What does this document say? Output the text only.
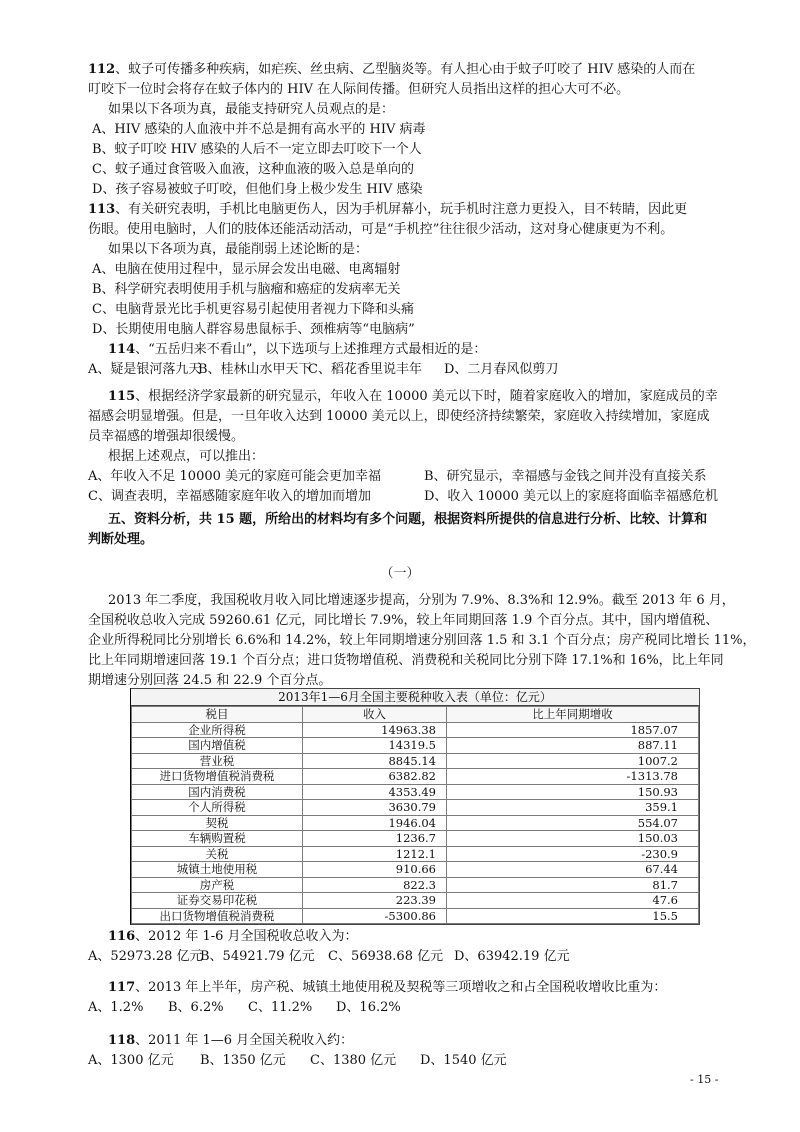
112、蚊子可传播多种疾病，如疟疾、丝虫病、乙型脑炎等。有人担心由于蚊子叮咬了 HIV 感染的人而在
叮咬下一位时会将存在蚊子体内的 HIV 在人际间传播。但研究人员指出这样的担心大可不必。
如果以下各项为真，最能支持研究人员观点的是：
A、HIV 感染的人血液中并不总是拥有高水平的 HIV 病毒
B、蚊子叮咬 HIV 感染的人后不一定立即去叮咬下一个人
C、蚊子通过食管吸入血液，这种血液的吸入总是单向的
D、孩子容易被蚊子叮咬，但他们身上极少发生 HIV 感染
113、有关研究表明，手机比电脑更伤人，因为手机屏幕小，玩手机时注意力更投入，目不转睛，因此更
伤眼。使用电脑时，人们的肢体还能活动活动，可是“手机控”往往很少活动，这对身心健康更为不利。
如果以下各项为真，最能削弱上述论断的是：
A、电脑在使用过程中，显示屏会发出电磁、电离辐射
B、科学研究表明使用手机与脑瘤和癌症的发病率无关
C、电脑背景光比手机更容易引起使用者视力下降和头痛
D、长期使用电脑人群容易患鼠标手、颈椎病等“电脑病”
114、“五岳归来不看山”，以下选项与上述推理方式最相近的是：
A、疑是银河落九天B、桂林山水甲天下C、稻花香里说丰年 D、二月春风似剪刀
115、根据经济学家最新的研究显示，年收入在 10000 美元以下时，随着家庭收入的增加，家庭成员的幸
福感会明显增强。但是，一旦年收入达到 10000 美元以上，即使经济持续繁荣，家庭收入持续增加，家庭成
员幸福感的增强却很缓慢。
根据上述观点，可以推出：
A、年收入不足 10000 美元的家庭可能会更加幸福	B、研究显示，幸福感与金钱之间并没有直接关系
C、调查表明，幸福感随家庭年收入的增加而增加	D、收入 10000 美元以上的家庭将面临幸福感危机
五、资料分析，共 15 题，所给出的材料均有多个问题，根据资料所提供的信息进行分析、比较、计算和
判断处理。
（一）
2013 年二季度，我国税收月收入同比增速逐步提高，分别为 7.9%、8.3%和 12.9%。截至 2013 年 6 月，
全国税收总收入完成 59260.61 亿元，同比增长 7.9%，较上年同期回落 1.9 个百分点。其中，国内增值税、
企业所得税同比分别增长 6.6%和 14.2%，较上年同期增速分别回落 1.5 和 3.1 个百分点；房产税同比增长 11%，
比上年同期增速回落 19.1 个百分点；进口货物增值税、消费税和关税同比分别下降 17.1%和 16%，比上年同
期增速分别回落 24.5 和 22.9 个百分点。
2013年1—6月全国主要税种收入表（单位：亿元）
税目	收入	比上年同期增收
企业所得税	14963.38	1857.07
国内增值税	14319.5	887.11
营业税	8845.14	1007.2
进口货物增值税消费税	6382.82	-1313.78
国内消费税	4353.49	150.93
个人所得税	3630.79	359.1
契税	1946.04	554.07
车辆购置税	1236.7	150.03
关税	1212.1	-230.9
城镇土地使用税	910.66	67.44
房产税	822.3	81.7
证券交易印花税	223.39	47.6
出口货物增值税消费税	-5300.86	15.5
116、2012 年 1-6 月全国税收总收入为：
A、52973.28 亿元B、54921.79 亿元 C、56938.68 亿元 D、63942.19 亿元
117、2013 年上半年，房产税、城镇土地使用税及契税等三项增收之和占全国税收增收比重为：
A、1.2% B、6.2% C、11.2% D、16.2%
118、2011 年 1—6 月全国关税收入约：
A、1300 亿元 B、1350 亿元 C、1380 亿元 D、1540 亿元
- 15 -
